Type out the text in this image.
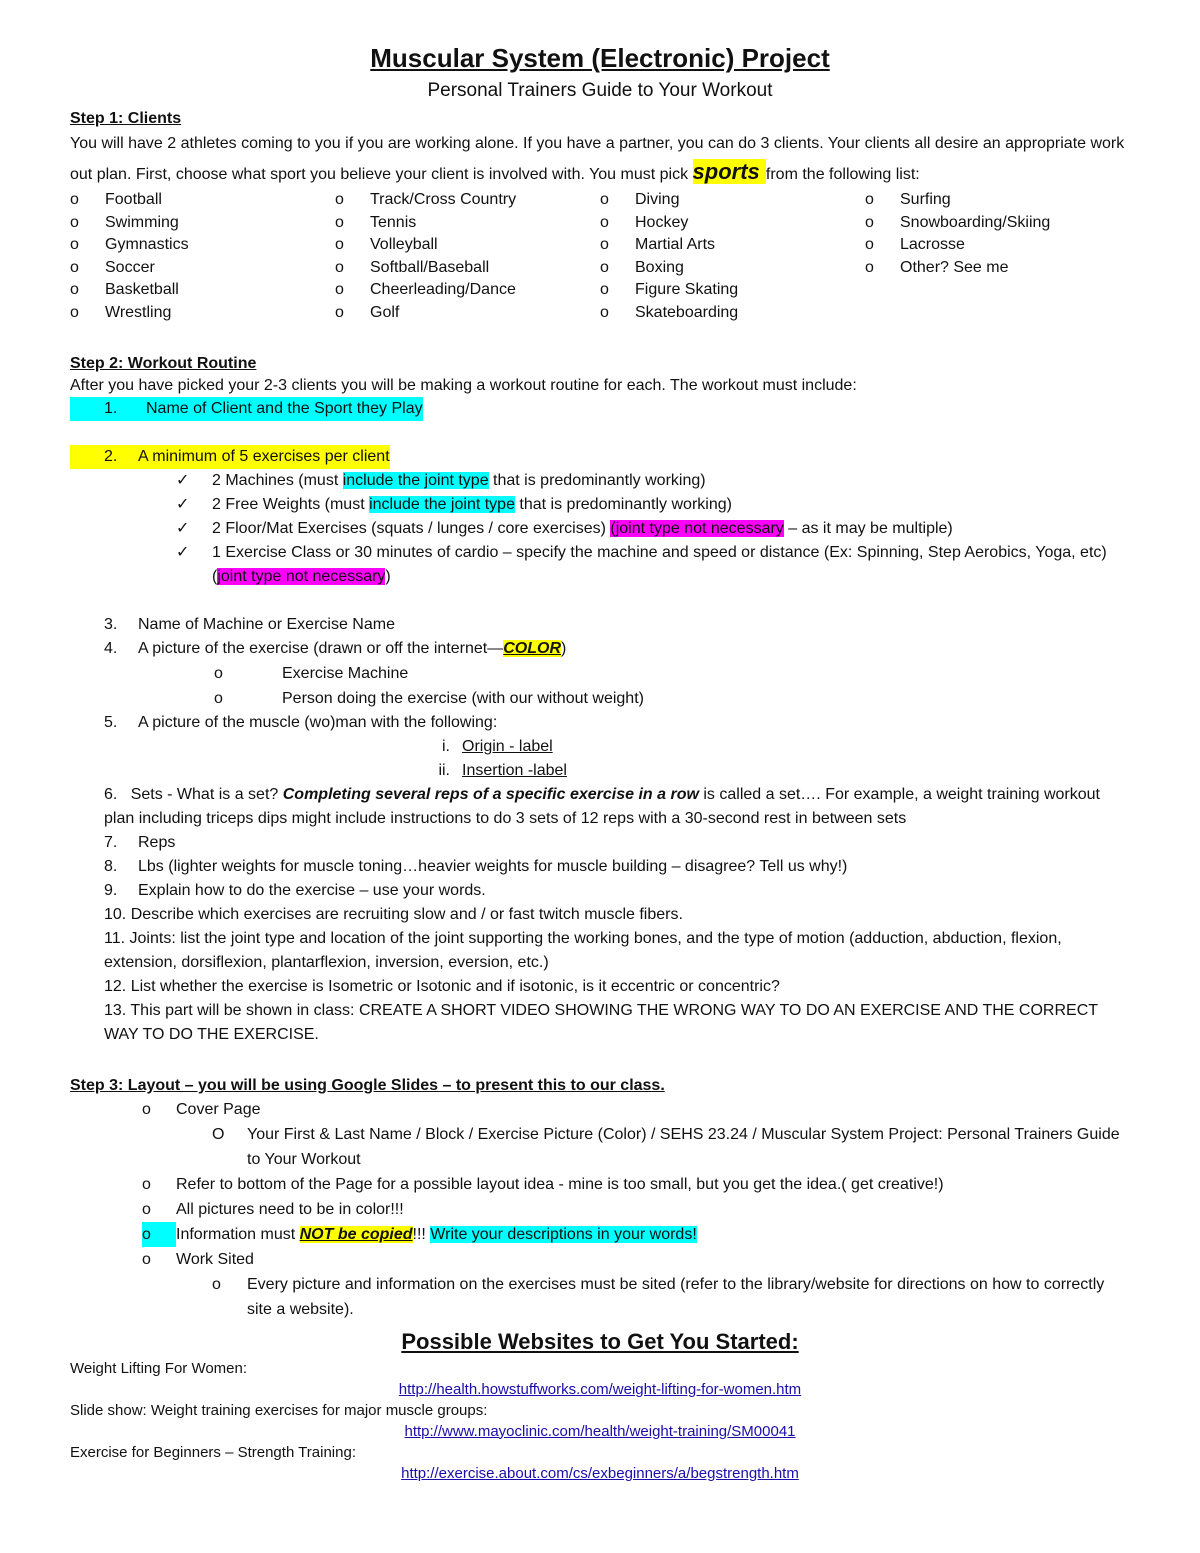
Muscular System (Electronic) Project
Personal Trainers Guide to Your Workout
Step 1: Clients

You will have 2 athletes coming to you if you are working alone. If you have a partner, you can do 3 clients. Your clients all desire an appropriate work out plan. First, choose what sport you believe your client is involved with. You must pick sports from the following list:

o	Football
o	Swimming
o	Gymnastics
o	Soccer
o	Basketball
o	Wrestling
o	Track/Cross Country
o	Tennis
o	Volleyball
o	Softball/Baseball
o	Cheerleading/Dance
o	Golf
o	Diving
o	Hockey
o	Martial Arts
o	Boxing
o	Figure Skating
o	Skateboarding
o	Surfing
o	Snowboarding/Skiing
o	Lacrosse
o	Other? See me
Step 2: Workout Routine

After you have picked your 2-3 clients you will be making a workout routine for each. The workout must include:

1.	Name of Client and the Sport they Play
2.	A minimum of 5 exercises per client
✓	2 Machines (must include the joint type that is predominantly working)
✓	2 Free Weights (must include the joint type that is predominantly working)
✓	2 Floor/Mat Exercises (squats / lunges / core exercises) (joint type not necessary – as it may be multiple)
✓	1 Exercise Class or 30 minutes of cardio – specify the machine and speed or distance (Ex: Spinning, Step Aerobics, Yoga, etc) (joint type not necessary)
3.	Name of Machine or Exercise Name
4.	A picture of the exercise (drawn or off the internet—COLOR)
o	Exercise Machine
o	Person doing the exercise (with our without weight)
5.	A picture of the muscle (wo)man with the following:
i. Origin - label
ii. Insertion -label
6. Sets - What is a set? Completing several reps of a specific exercise in a row is called a set…. For example, a weight training workout plan including triceps dips might include instructions to do 3 sets of 12 reps with a 30-second rest in between sets
7.	Reps
8.	Lbs (lighter weights for muscle toning…heavier weights for muscle building – disagree? Tell us why!)
9.	Explain how to do the exercise – use your words.
10. Describe which exercises are recruiting slow and / or fast twitch muscle fibers.
11. Joints: list the joint type and location of the joint supporting the working bones, and the type of motion (adduction, abduction, flexion, extension, dorsiflexion, plantarflexion, inversion, eversion, etc.)
12. List whether the exercise is Isometric or Isotonic and if isotonic, is it eccentric or concentric?
13. This part will be shown in class: CREATE A SHORT VIDEO SHOWING THE WRONG WAY TO DO AN EXERCISE AND THE CORRECT WAY TO DO THE EXERCISE.
Step 3: Layout – you will be using Google Slides – to present this to our class.
o	Cover Page
O	Your First & Last Name / Block / Exercise Picture (Color) / SEHS 23.24 / Muscular System Project: Personal Trainers Guide to Your Workout
o	Refer to bottom of the Page for a possible layout idea - mine is too small, but you get the idea.( get creative!)
o	All pictures need to be in color!!!
o	Information must NOT be copied!!! Write your descriptions in your words!
o	Work Sited
o	Every picture and information on the exercises must be sited (refer to the library/website for directions on how to correctly site a website).
Possible Websites to Get You Started:

Weight Lifting For Women:

http://health.howstuffworks.com/weight-lifting-for-women.htm

Slide show: Weight training exercises for major muscle groups:

http://www.mayoclinic.com/health/weight-training/SM00041

Exercise for Beginners – Strength Training:

http://exercise.about.com/cs/exbeginners/a/begstrength.htm
